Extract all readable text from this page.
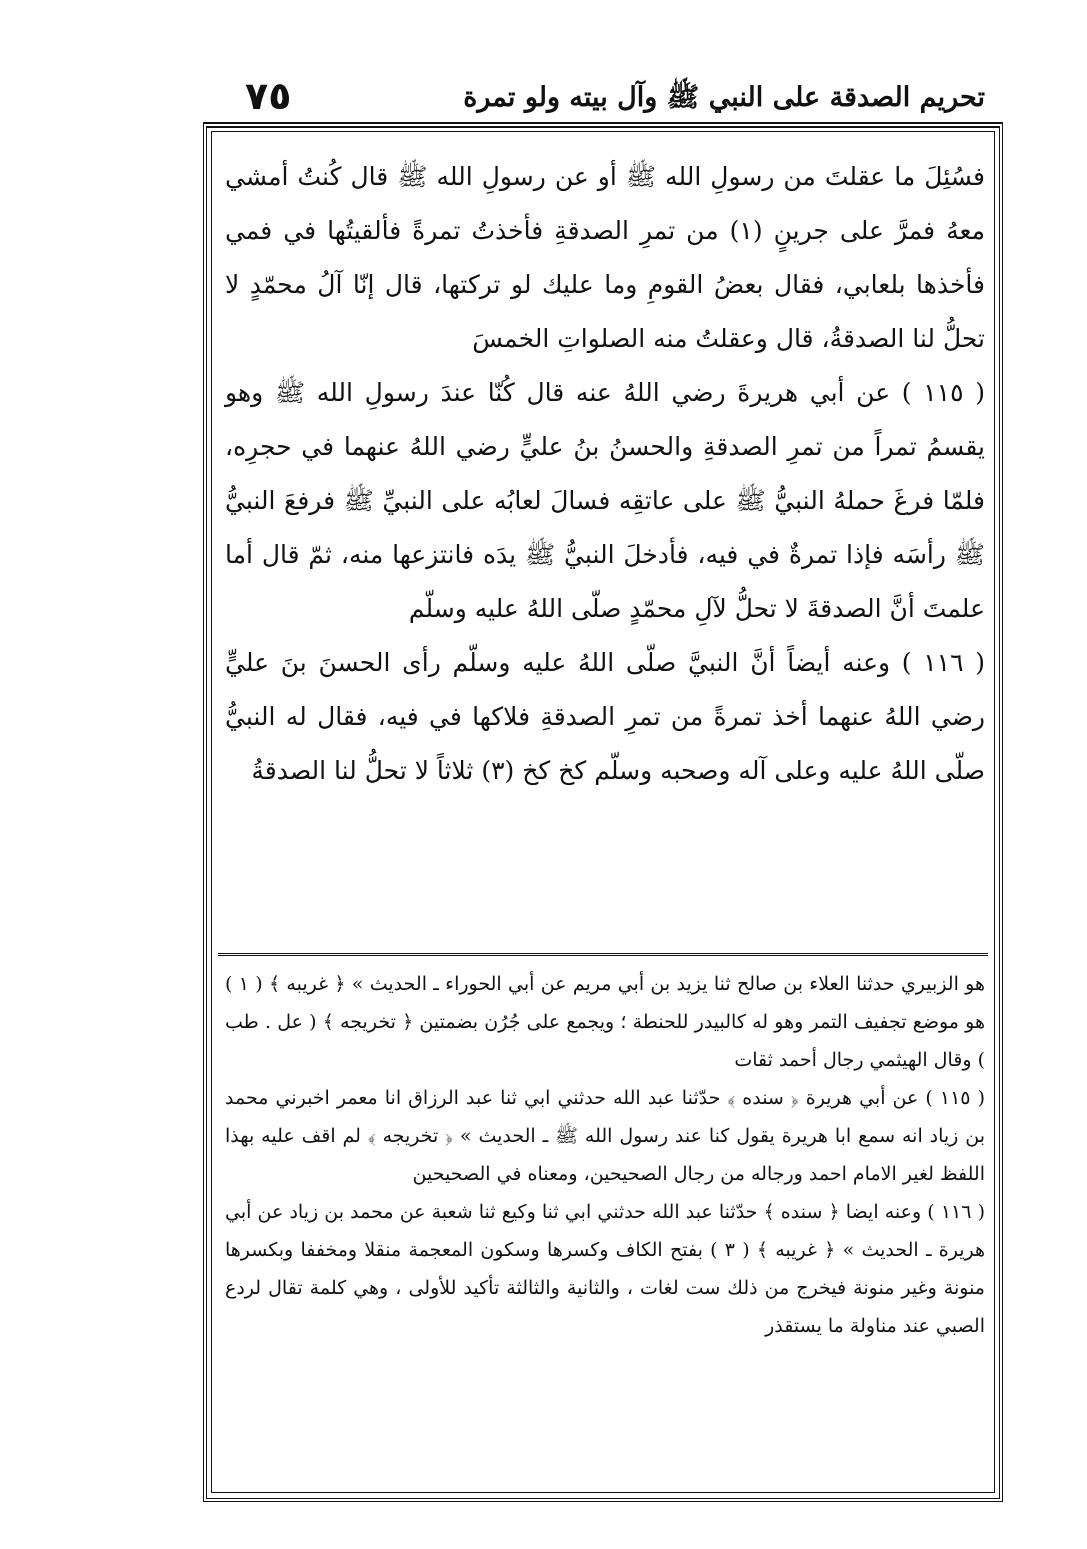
٧٥	تحريم الصدقة على النبي ﷺ وآل بيته ولو تمرة

فسُئِلَ ما عقلتَ من رسولِ الله ﷺ أو عن رسولِ الله ﷺ قال كُنتُ أمشي معهُ فمرَّ على جرينٍ (١) من تمرِ الصدقةِ فأخذتُ تمرةً فألقيتُها في فمي فأخذها بلعابي، فقال بعضُ القومِ وما عليك لو تركتها، قال إنّا آلُ محمّدٍ لا تحلُّ لنا الصدقةُ، قال وعقلتُ منه الصلواتِ الخمسَ

( ١١٥ ) عن أبي هريرةَ رضي اللهُ عنه قال كُنّا عندَ رسولِ الله ﷺ وهو يقسمُ تمراً من تمرِ الصدقةِ والحسنُ بنُ عليٍّ رضي اللهُ عنهما في حجرِه، فلمّا فرغَ حملهُ النبيُّ ﷺ على عاتقِه فسالَ لعابُه على النبيِّ ﷺ فرفعَ النبيُّ ﷺ رأسَه فإذا تمرةٌ في فيه، فأدخلَ النبيُّ ﷺ يدَه فانتزعها منه، ثمّ قال أما علمتَ أنَّ الصدقةَ لا تحلُّ لآلِ محمّدٍ صلّى اللهُ عليه وسلّم

( ١١٦ ) وعنه أيضاً أنَّ النبيَّ صلّى اللهُ عليه وسلّم رأى الحسنَ بنَ عليٍّ رضي اللهُ عنهما أخذ تمرةً من تمرِ الصدقةِ فلاكها في فيه، فقال له النبيُّ صلّى اللهُ عليه وعلى آله وصحبه وسلّم كخ كخ (٣) ثلاثاً لا تحلُّ لنا الصدقةُ

هو الزبيري حدثنا العلاء بن صالح ثنا يزيد بن أبي مريم عن أبي الحوراء ـ الحديث » ﴿ غريبه ﴾ ( ١ ) هو موضع تجفيف التمر وهو له كالبيدر للحنطة ؛ ويجمع على جُرُن بضمتين ﴿ تخريجه ﴾ ( عل . طب ) وقال الهيثمي رجال أحمد ثقات

( ١١٥ ) عن أبي هريرة ﴿ سنده ﴾ حدّثنا عبد الله حدثني ابي ثنا عبد الرزاق انا معمر اخبرني محمد بن زياد انه سمع ابا هريرة يقول كنا عند رسول الله ﷺ ـ الحديث » ﴿ تخريجه ﴾ لم اقف عليه بهذا اللفظ لغير الامام احمد ورجاله من رجال الصحيحين، ومعناه في الصحيحين

( ١١٦ ) وعنه ايضا ﴿ سنده ﴾ حدّثنا عبد الله حدثني ابي ثنا وكيع ثنا شعبة عن محمد بن زياد عن أبي هريرة ـ الحديث » ﴿ غريبه ﴾ ( ٣ ) بفتح الكاف وكسرها وسكون المعجمة منقلا ومخففا وبكسرها منونة وغير منونة فيخرج من ذلك ست لغات ، والثانية والثالثة تأكيد للأولى ، وهي كلمة تقال لردع الصبي عند مناولة ما يستقذر
